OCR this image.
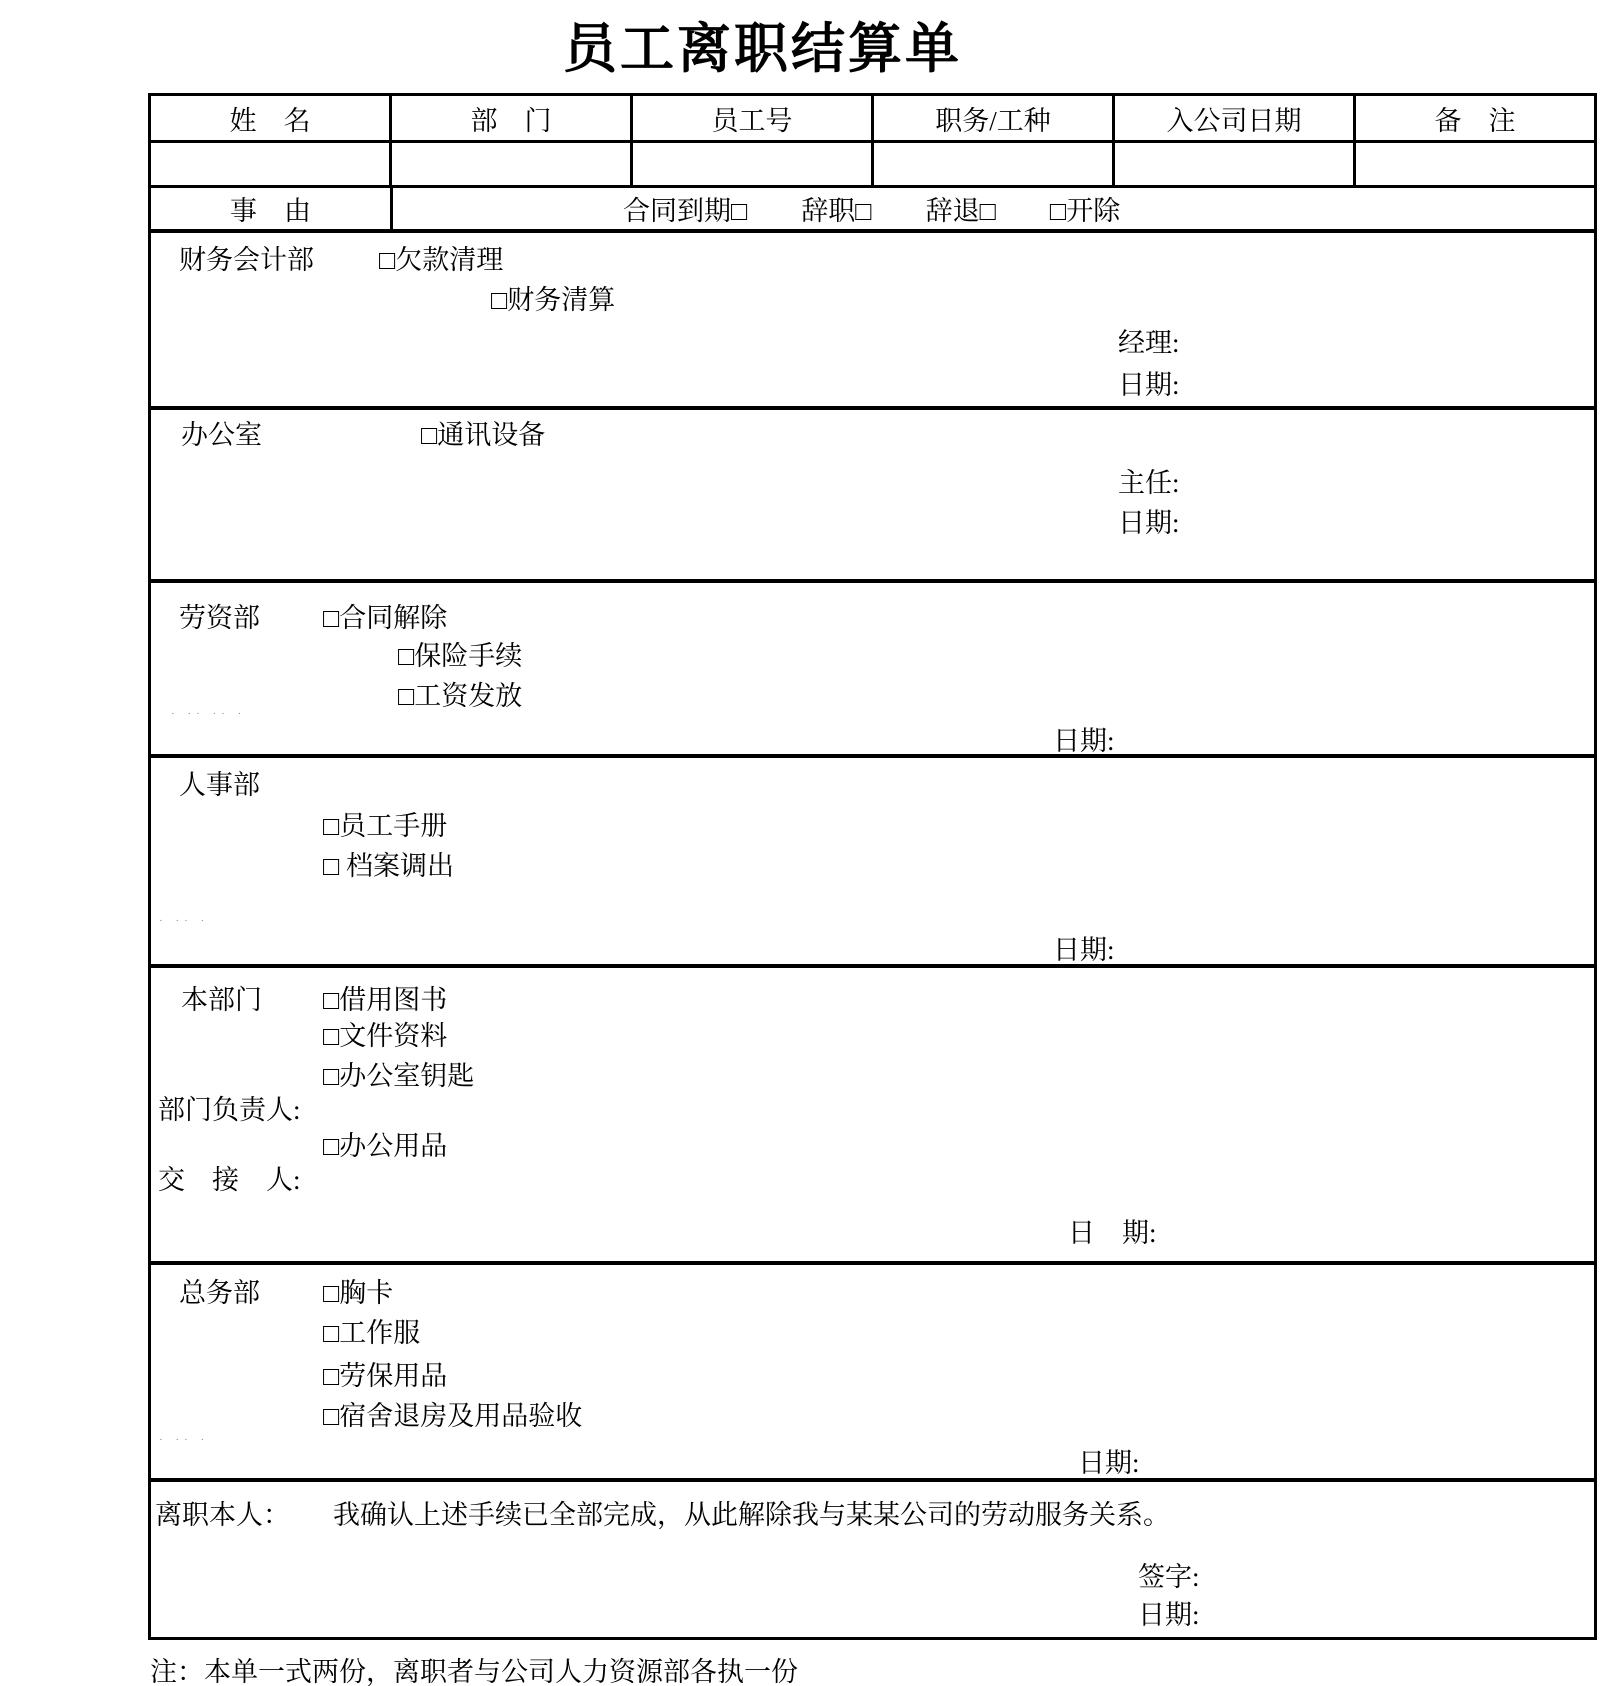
员工离职结算单
姓　名	部　门	员工号	职务/工种	入公司日期	备　注
事　由	合同到期□　　辞职□　　辞退□　　□开除
财务会计部 □欠款清理
□财务清算
经理:
日期:
办公室	□通讯设备
主任:
日期:
劳资部 □合同解除
□保险手续
□工资发放
· ·· ·· ·
日期:
人事部
□员工手册
□ 档案调出
· ·· ·
日期:
本部门 □借用图书
□文件资料
□办公室钥匙
部门负责人:
□办公用品
交　接　人:
日　期:
总务部 □胸卡
□工作服
□劳保用品
□宿舍退房及用品验收
· ·· ·
日期:
离职本人： 我确认上述手续已全部完成，从此解除我与某某公司的劳动服务关系。
签字:
日期:
注：本单一式两份，离职者与公司人力资源部各执一份
